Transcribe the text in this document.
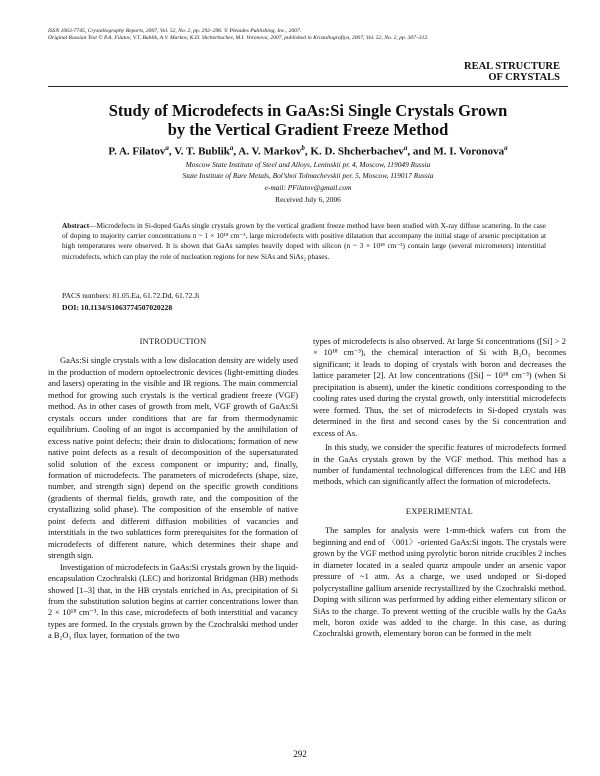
ISSN 1063-7745, Crystallography Reports, 2007, Vol. 52, No. 2, pp. 292–296. © Pleiades Publishing, Inc., 2007.
Original Russian Text © P.A. Filatov, V.T. Bublik, A.V. Markov, K.D. Shcherbachev, M.I. Voronova, 2007, published in Kristallografiya, 2007, Vol. 52, No. 2, pp. 307–312.
REAL STRUCTURE
OF CRYSTALS
Study of Microdefects in GaAs:Si Single Crystals Grown
by the Vertical Gradient Freeze Method
P. A. Filatov$^a$, V. T. Bublik$^a$, A. V. Markov$^b$, K. D. Shcherbachev$^a$, and M. I. Voronova$^a$
Moscow State Institute of Steel and Alloys, Leninskii pr. 4, Moscow, 119049 Russia
State Institute of Rare Metals, Bol’shoi Tolmachevskii per. 5, Moscow, 119017 Russia
e-mail: PFilatov@gmail.com
Received July 6, 2006
Abstract—Microdefects in Si-doped GaAs single crystals grown by the vertical gradient freeze method have been studied with X-ray diffuse scattering. In the case of doping to majority carrier concentrations n ~ 1 × 10¹⁸ cm⁻³, large microdefects with positive dilatation that accompany the initial stage of arsenic precipitation at high temperatures were observed. It is shown that GaAs samples heavily doped with silicon (n ~ 3 × 10¹⁸ cm⁻³) contain large (several micrometers) interstitial microdefects, which can play the role of nucleation regions for new SiAs and SiAs₂ phases.
PACS numbers: 81.05.Ea, 61.72.Dd, 61.72.Ji
DOI: 10.1134/S1063774507020228
INTRODUCTION

GaAs:Si single crystals with a low dislocation density are widely used in the production of modern optoelectronic devices (light-emitting diodes and lasers) operating in the visible and IR regions. The main commercial method for growing such crystals is the vertical gradient freeze (VGF) method. As in other cases of growth from melt, VGF growth of GaAs:Si crystals occurs under conditions that are far from thermodynamic equilibrium. Cooling of an ingot is accompanied by the annihilation of excess native point defects; their drain to dislocations; formation of new native point defects as a result of decomposition of the supersaturated solid solution of the excess component or impurity; and, finally, formation of microdefects. The parameters of microdefects (shape, size, number, and strength sign) depend on the specific growth conditions (gradients of thermal fields, growth rate, and the composition of the crystallizing solid phase). The composition of the ensemble of native point defects and different diffusion mobilities of vacancies and interstitials in the two sublattices form prerequisites for the formation of microdefects of different nature, which determines their shape and strength sign.

Investigation of microdefects in GaAs:Si crystals grown by the liquid-encapsulation Czochralski (LEC) and horizontal Bridgman (HB) methods showed [1–3] that, in the HB crystals enriched in As, precipitation of Si from the substitution solution begins at carrier concentrations lower than 2 × 10¹⁸ cm⁻³. In this case, microdefects of both interstitial and vacancy types are formed. In the crystals grown by the Czochralski method under a B₂O₃ flux layer, formation of the two

types of microdefects is also observed. At large Si concentrations ([Si] > 2 × 10¹⁸ cm⁻³), the chemical interaction of Si with B₂O₃ becomes significant; it leads to doping of crystals with boron and decreases the lattice parameter [2]. At low concentrations ([Si] ~ 10¹⁸ cm⁻³) (when Si precipitation is absent), under the kinetic conditions corresponding to the cooling rates used during the crystal growth, only interstitial microdefects were formed. Thus, the set of microdefects in Si-doped crystals was determined in the first and second cases by the Si concentration and excess of As.

In this study, we consider the specific features of microdefects formed in the GaAs crystals grown by the VGF method. This method has a number of fundamental technological differences from the LEC and HB methods, which can significantly affect the formation of microdefects.

EXPERIMENTAL

The samples for analysis were 1-mm-thick wafers cut from the beginning and end of 〈001〉-oriented GaAs:Si ingots. The crystals were grown by the VGF method using pyrolytic boron nitride crucibles 2 inches in diameter located in a sealed quartz ampoule under an arsenic vapor pressure of ~1 atm. As a charge, we used undoped or Si-doped polycrystalline gallium arsenide recrystallized by the Czochralski method. Doping with silicon was performed by adding either elementary silicon or SiAs to the charge. To prevent wetting of the crucible walls by the GaAs melt, boron oxide was added to the charge. In this case, as during Czochralski growth, elementary boron can be formed in the melt

292
